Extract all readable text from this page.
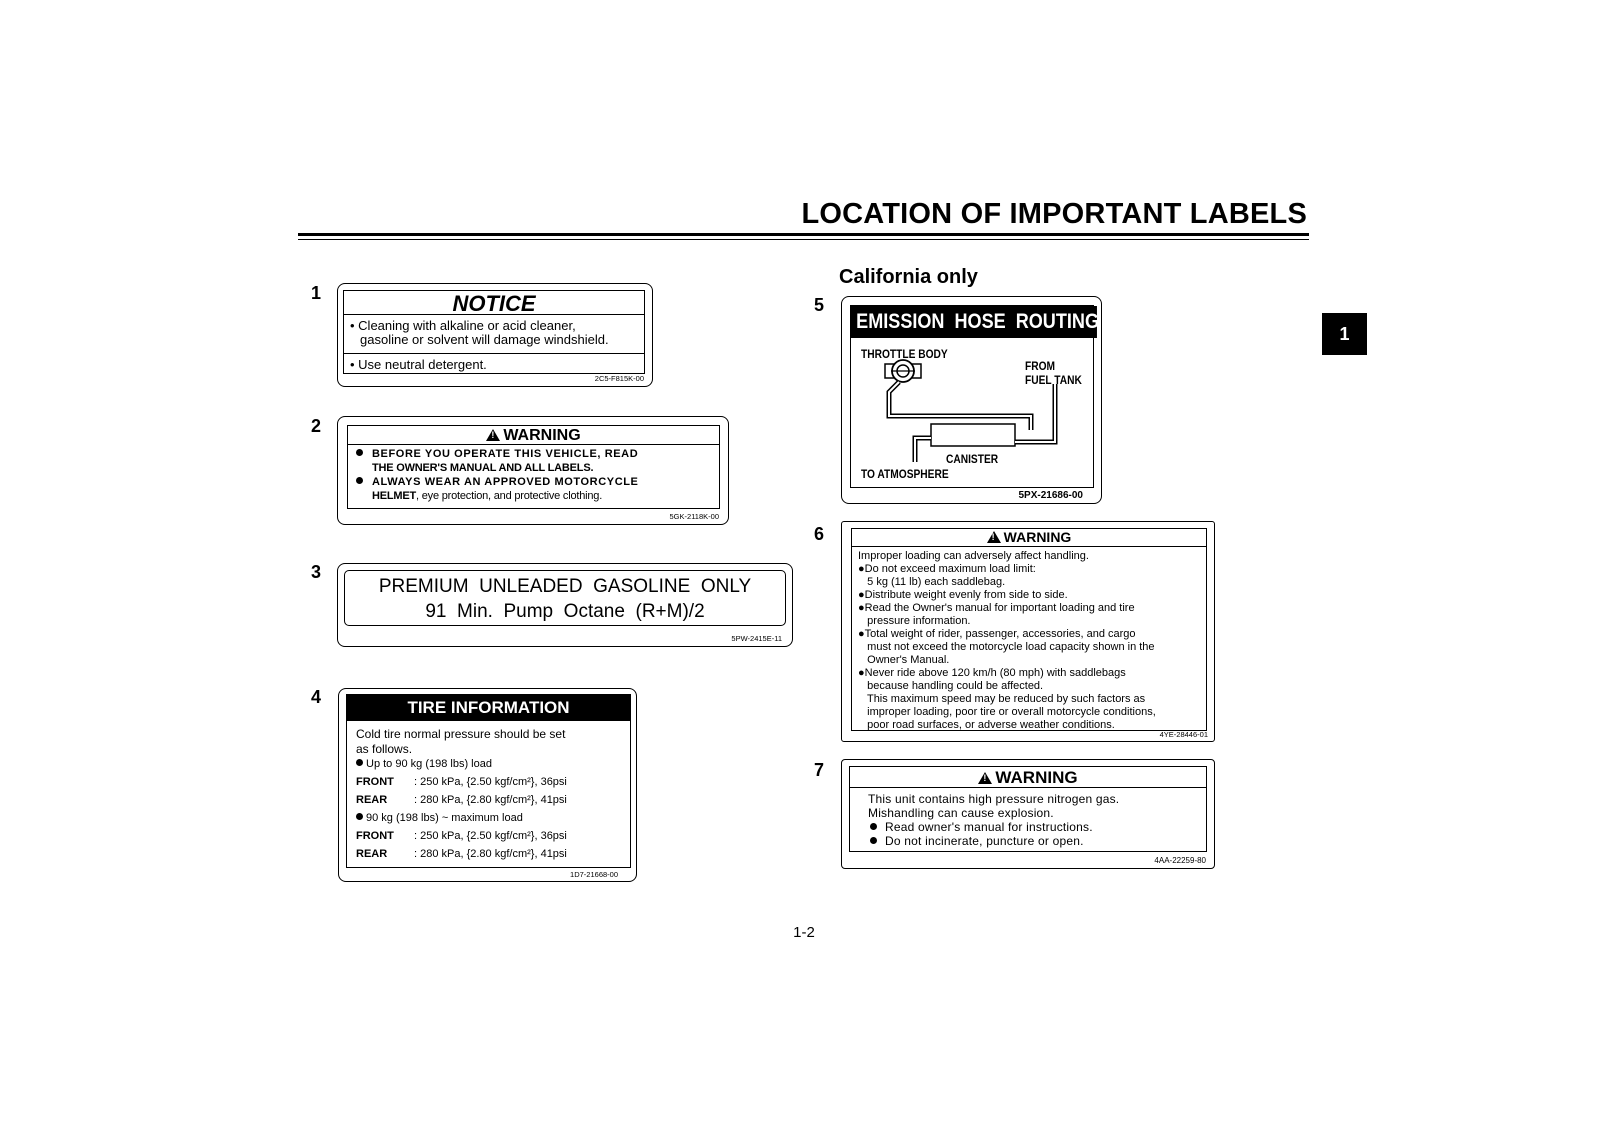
LOCATION OF IMPORTANT LABELS
1
1	NOTICE
• Cleaning with alkaline or acid cleaner,
gasoline or solvent will damage windshield.
• Use neutral detergent.
2C5-F815K-00
2 !	WARNING
BEFORE YOU OPERATE THIS VEHICLE, READ
THE OWNER'S MANUAL AND ALL LABELS.
ALWAYS WEAR AN APPROVED MOTORCYCLE
HELMET, eye protection, and protective clothing.
5GK-2118K-00
3
PREMIUM  UNLEADED  GASOLINE  ONLY
91  Min.  Pump  Octane  (R+M)/2
5PW-2415E-11
4
TIRE INFORMATION
Cold tire normal pressure should be set
as follows.
Up to 90 kg (198 lbs) load
FRONT	: 250 kPa, {2.50 kgf/cm²}, 36psi
REAR	: 280 kPa, {2.80 kgf/cm²}, 41psi
90 kg (198 lbs) ~ maximum load
FRONT	: 250 kPa, {2.50 kgf/cm²}, 36psi
REAR	: 280 kPa, {2.80 kgf/cm²}, 41psi
1D7-21668-00
California only
5
EMISSION  HOSE  ROUTING
THROTTLE BODY
FROM
FUEL TANK
CANISTER
TO ATMOSPHERE
5PX-21686-00
6 !	WARNING
Improper loading can adversely affect handling.
●Do not exceed maximum load limit:
5 kg (11 lb) each saddlebag.
●Distribute weight evenly from side to side.
●Read the Owner's manual for important loading and tire
pressure information.
●Total weight of rider, passenger, accessories, and cargo
must not exceed the motorcycle load capacity shown in the
Owner's Manual.
●Never ride above 120 km/h (80 mph) with saddlebags
because handling could be affected.
This maximum speed may be reduced by such factors as
improper loading, poor tire or overall motorcycle conditions,
poor road surfaces, or adverse weather conditions.
4YE-28446-01
7 !	WARNING
This unit contains high pressure nitrogen gas.
Mishandling can cause explosion.
Read owner's manual for instructions.
Do not incinerate, puncture or open.
4AA-22259-80
1-2
